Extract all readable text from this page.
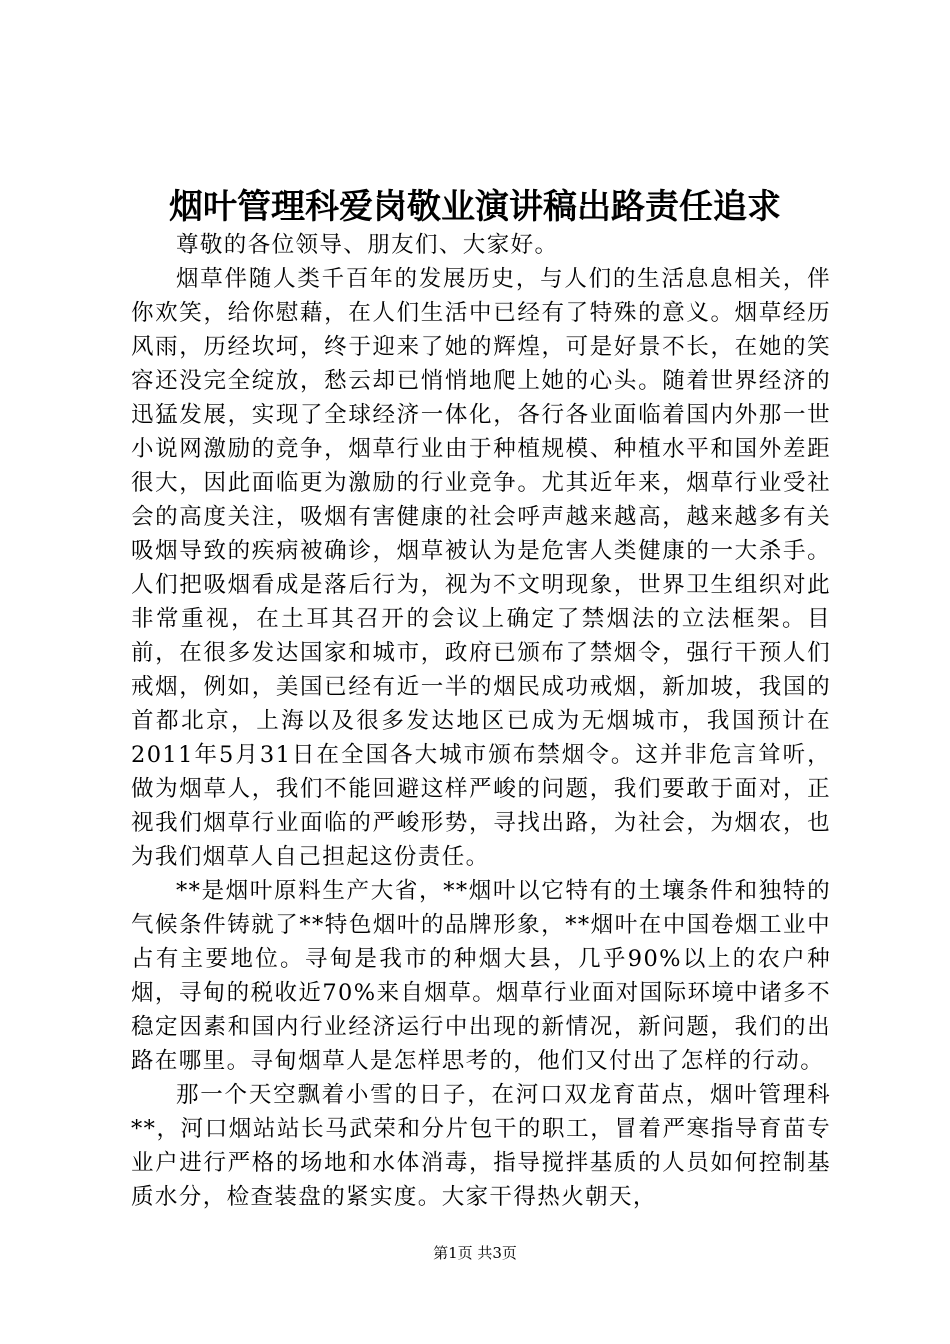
烟叶管理科爱岗敬业演讲稿出路责任追求

尊敬的各位领导、朋友们、大家好。

烟草伴随人类千百年的发展历史，与人们的生活息息相关，伴你欢笑，给你慰藉，在人们生活中已经有了特殊的意义。烟草经历风雨，历经坎坷，终于迎来了她的辉煌，可是好景不长，在她的笑容还没完全绽放，愁云却已悄悄地爬上她的心头。随着世界经济的迅猛发展，实现了全球经济一体化，各行各业面临着国内外那一世小说网激励的竞争，烟草行业由于种植规模、种植水平和国外差距很大，因此面临更为激励的行业竞争。尤其近年来，烟草行业受社会的高度关注，吸烟有害健康的社会呼声越来越高，越来越多有关吸烟导致的疾病被确诊，烟草被认为是危害人类健康的一大杀手。人们把吸烟看成是落后行为，视为不文明现象，世界卫生组织对此非常重视，在土耳其召开的会议上确定了禁烟法的立法框架。目前，在很多发达国家和城市，政府已颁布了禁烟令，强行干预人们戒烟，例如，美国已经有近一半的烟民成功戒烟，新加坡，我国的首都北京，上海以及很多发达地区已成为无烟城市，我国预计在2011年5月31日在全国各大城市颁布禁烟令。这并非危言耸听，做为烟草人，我们不能回避这样严峻的问题，我们要敢于面对，正视我们烟草行业面临的严峻形势，寻找出路，为社会，为烟农，也为我们烟草人自己担起这份责任。

**是烟叶原料生产大省，**烟叶以它特有的土壤条件和独特的气候条件铸就了**特色烟叶的品牌形象，**烟叶在中国卷烟工业中占有主要地位。寻甸是我市的种烟大县，几乎90%以上的农户种烟，寻甸的税收近70%来自烟草。烟草行业面对国际环境中诸多不稳定因素和国内行业经济运行中出现的新情况，新问题，我们的出路在哪里。寻甸烟草人是怎样思考的，他们又付出了怎样的行动。

那一个天空飘着小雪的日子，在河口双龙育苗点，烟叶管理科**，河口烟站站长马武荣和分片包干的职工，冒着严寒指导育苗专业户进行严格的场地和水体消毒，指导搅拌基质的人员如何控制基质水分，检查装盘的紧实度。大家干得热火朝天，

第1页 共3页
